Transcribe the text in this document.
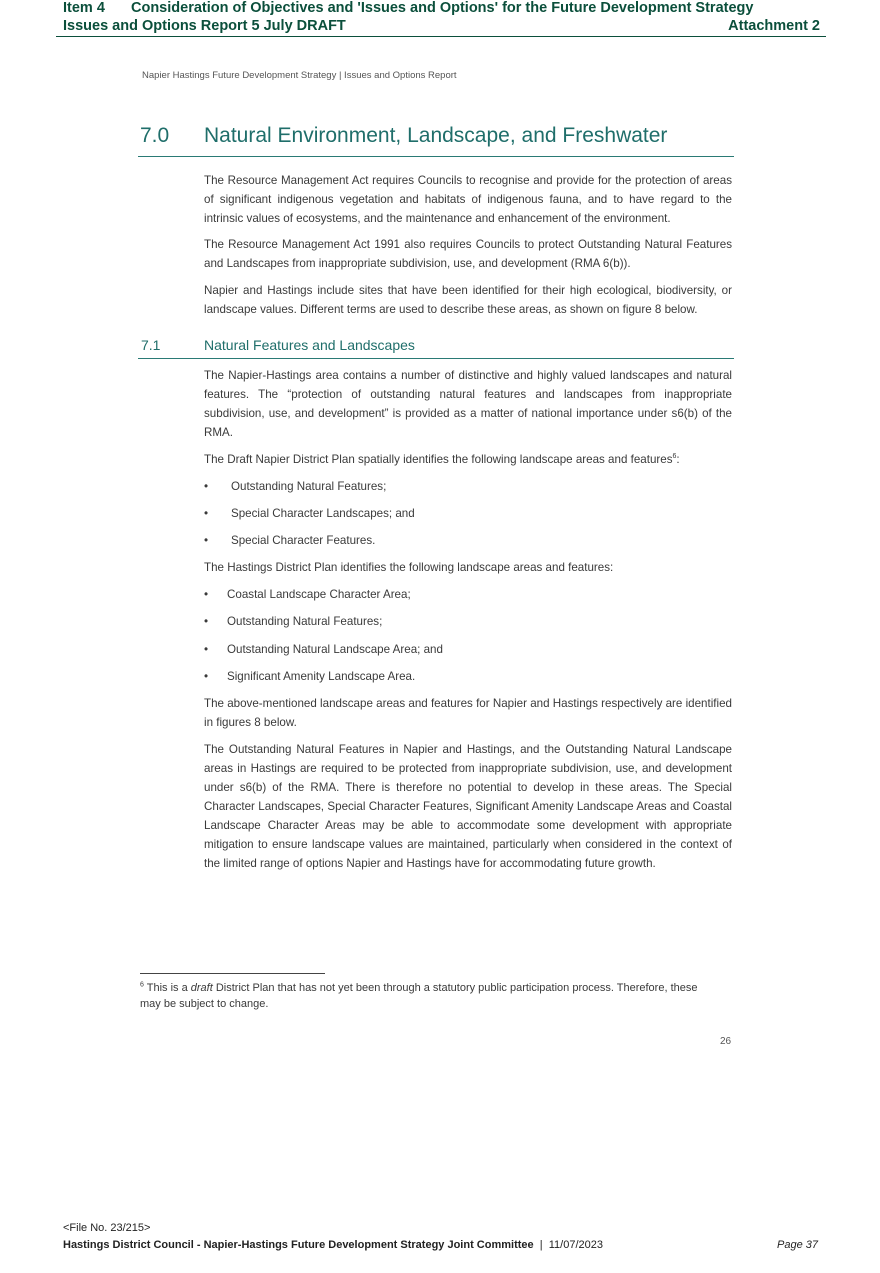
Item 4 Consideration of Objectives and 'Issues and Options' for the Future Development Strategy
Issues and Options Report 5 July DRAFT	Attachment 2
Napier Hastings Future Development Strategy | Issues and Options Report
7.0 Natural Environment, Landscape, and Freshwater
The Resource Management Act requires Councils to recognise and provide for the protection of areas of significant indigenous vegetation and habitats of indigenous fauna, and to have regard to the intrinsic values of ecosystems, and the maintenance and enhancement of the environment.
The Resource Management Act 1991 also requires Councils to protect Outstanding Natural Features and Landscapes from inappropriate subdivision, use, and development (RMA 6(b)).
Napier and Hastings include sites that have been identified for their high ecological, biodiversity, or landscape values. Different terms are used to describe these areas, as shown on figure 8 below.
7.1	Natural Features and Landscapes
The Napier-Hastings area contains a number of distinctive and highly valued landscapes and natural features. The “protection of outstanding natural features and landscapes from inappropriate subdivision, use, and development” is provided as a matter of national importance under s6(b) of the RMA.
The Draft Napier District Plan spatially identifies the following landscape areas and features$^6$:
• Outstanding Natural Features;
• Special Character Landscapes; and
• Special Character Features.
The Hastings District Plan identifies the following landscape areas and features:
• Coastal Landscape Character Area;
• Outstanding Natural Features;
• Outstanding Natural Landscape Area; and
• Significant Amenity Landscape Area.
The above-mentioned landscape areas and features for Napier and Hastings respectively are identified in figures 8 below.
The Outstanding Natural Features in Napier and Hastings, and the Outstanding Natural Landscape areas in Hastings are required to be protected from inappropriate subdivision, use, and development under s6(b) of the RMA. There is therefore no potential to develop in these areas. The Special Character Landscapes, Special Character Features, Significant Amenity Landscape Areas and Coastal Landscape Character Areas may be able to accommodate some development with appropriate mitigation to ensure landscape values are maintained, particularly when considered in the context of the limited range of options Napier and Hastings have for accommodating future growth.
$^6$ This is a draft District Plan that has not yet been through a statutory public participation process. Therefore, these may be subject to change.
26
<File No. 23/215>
Hastings District Council - Napier-Hastings Future Development Strategy Joint Committee | 11/07/2023	Page 37
